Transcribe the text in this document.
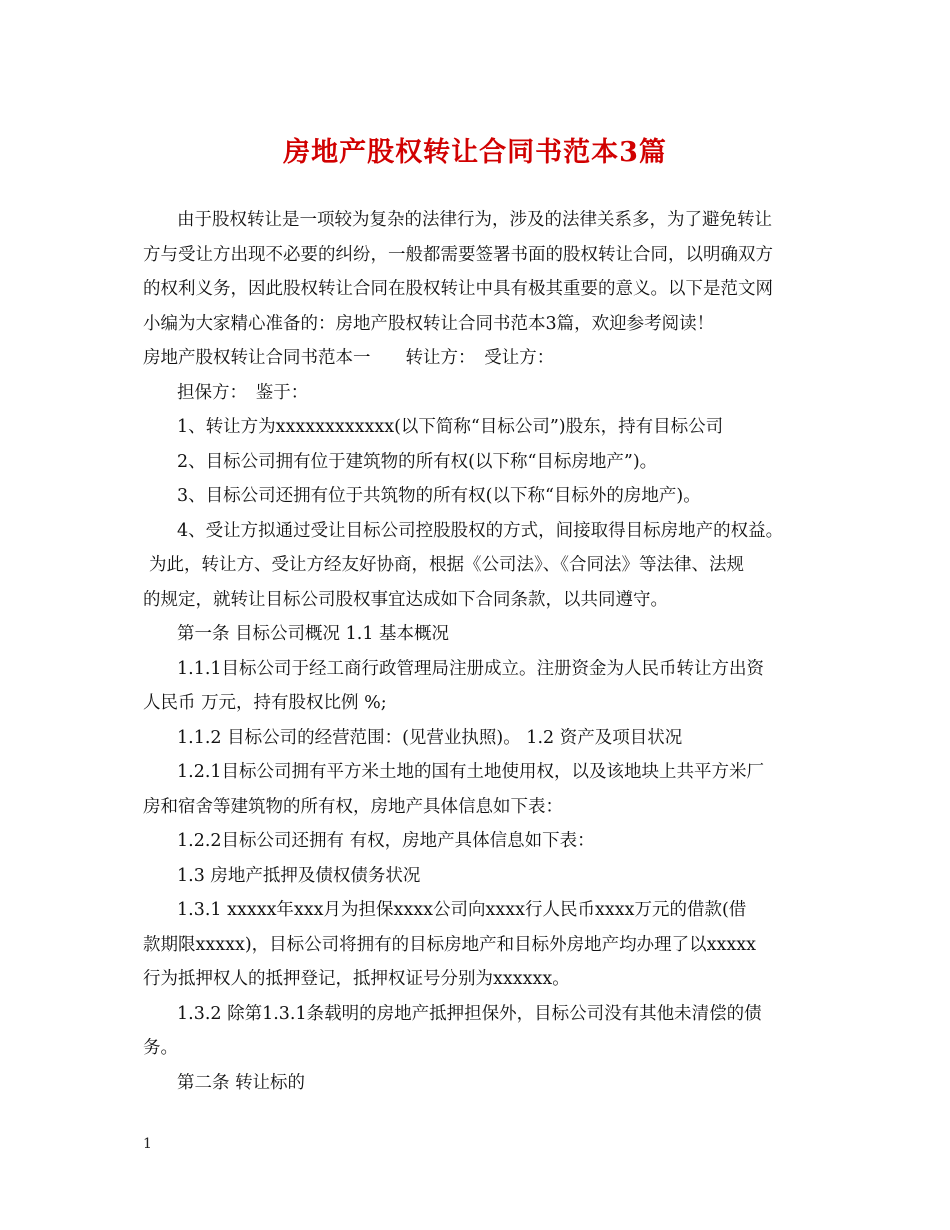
房地产股权转让合同书范本3篇
由于股权转让是一项较为复杂的法律行为，涉及的法律关系多，为了避免转让
方与受让方出现不必要的纠纷，一般都需要签署书面的股权转让合同，以明确双方
的权利义务，因此股权转让合同在股权转让中具有极其重要的意义。以下是范文网
小编为大家精心准备的：房地产股权转让合同书范本3篇，欢迎参考阅读！
房地产股权转让合同书范本一　　转让方：　受让方：
担保方：　鉴于：
1、转让方为xxxxxxxxxxxx(以下简称“目标公司”)股东，持有目标公司
2、目标公司拥有位于建筑物的所有权(以下称“目标房地产”)。
3、目标公司还拥有位于共筑物的所有权(以下称“目标外的房地产)。
4、受让方拟通过受让目标公司控股股权的方式，间接取得目标房地产的权益。
为此，转让方、受让方经友好协商，根据《公司法》、《合同法》等法律、法规
的规定，就转让目标公司股权事宜达成如下合同条款，以共同遵守。
第一条 目标公司概况 1.1 基本概况
1.1.1目标公司于经工商行政管理局注册成立。注册资金为人民币转让方出资
人民币 万元，持有股权比例 %;
1.1.2 目标公司的经营范围：(见营业执照)。 1.2 资产及项目状况
1.2.1目标公司拥有平方米土地的国有土地使用权，以及该地块上共平方米厂
房和宿舍等建筑物的所有权，房地产具体信息如下表：
1.2.2目标公司还拥有 有权，房地产具体信息如下表：
1.3 房地产抵押及债权债务状况
1.3.1 xxxxx年xxx月为担保xxxx公司向xxxx行人民币xxxx万元的借款(借
款期限xxxxx)，目标公司将拥有的目标房地产和目标外房地产均办理了以xxxxx
行为抵押权人的抵押登记，抵押权证号分别为xxxxxx。
1.3.2 除第1.3.1条载明的房地产抵押担保外，目标公司没有其他未清偿的债
务。
第二条 转让标的
1
